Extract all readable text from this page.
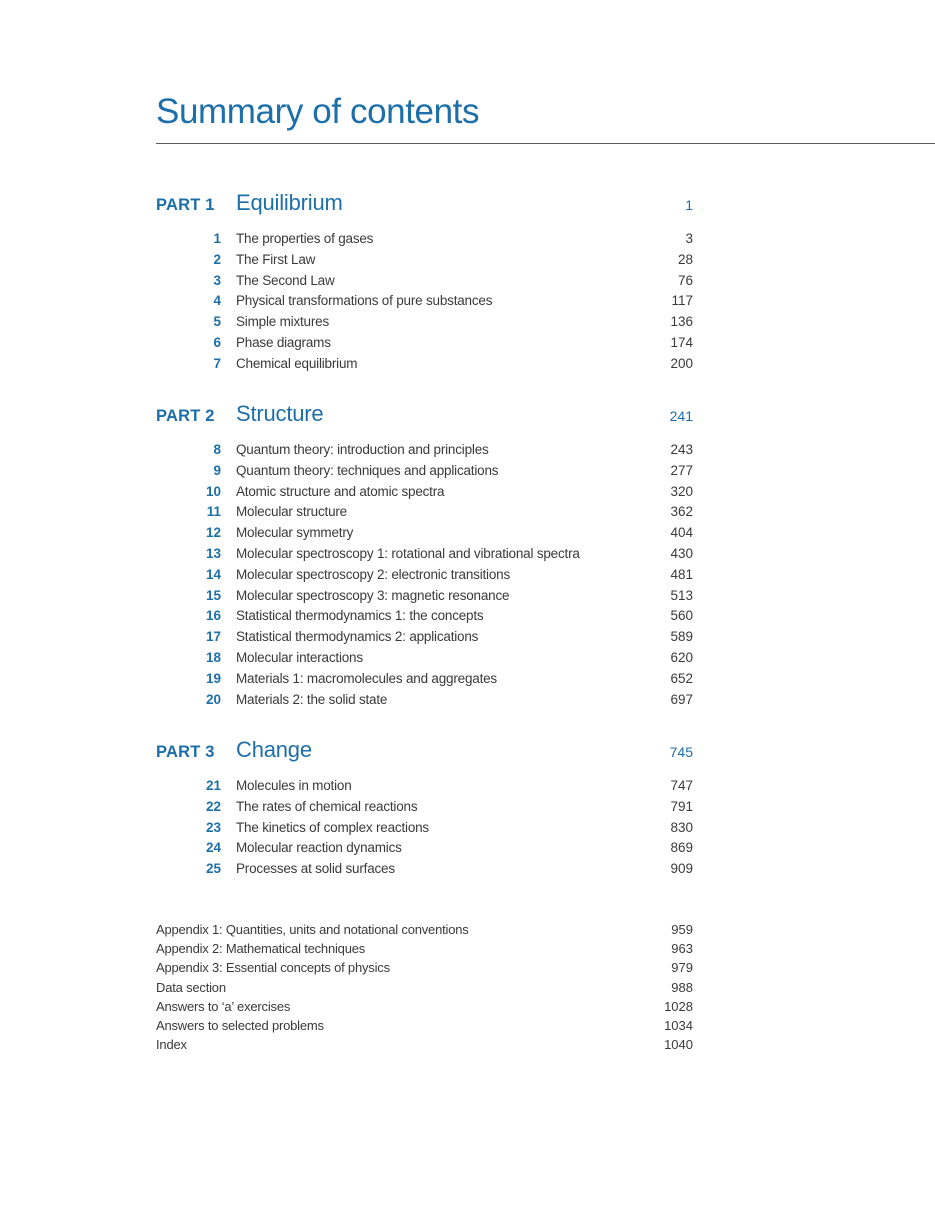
Summary of contents
PART 1 Equilibrium	1
1 The properties of gases	3
2 The First Law	28
3 The Second Law	76
4 Physical transformations of pure substances	117
5 Simple mixtures	136
6 Phase diagrams	174
7 Chemical equilibrium	200
PART 2 Structure	241
8 Quantum theory: introduction and principles	243
9 Quantum theory: techniques and applications	277
10 Atomic structure and atomic spectra	320
11 Molecular structure	362
12 Molecular symmetry	404
13 Molecular spectroscopy 1: rotational and vibrational spectra	430
14 Molecular spectroscopy 2: electronic transitions	481
15 Molecular spectroscopy 3: magnetic resonance	513
16 Statistical thermodynamics 1: the concepts	560
17 Statistical thermodynamics 2: applications	589
18 Molecular interactions	620
19 Materials 1: macromolecules and aggregates	652
20 Materials 2: the solid state	697
PART 3 Change	745
21 Molecules in motion	747
22 The rates of chemical reactions	791
23 The kinetics of complex reactions	830
24 Molecular reaction dynamics	869
25 Processes at solid surfaces	909
Appendix 1: Quantities, units and notational conventions	959
Appendix 2: Mathematical techniques	963
Appendix 3: Essential concepts of physics	979
Data section	988
Answers to ‘a’ exercises	1028
Answers to selected problems	1034
Index	1040
